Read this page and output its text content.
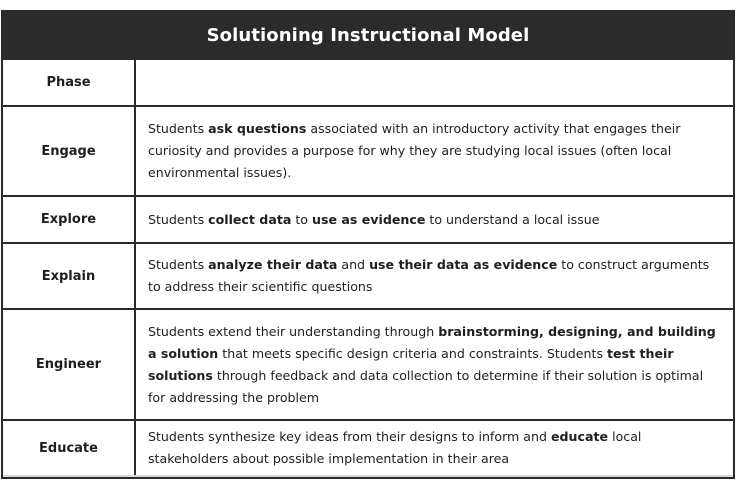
Solutioning Instructional Model
Phase
Engage

Students ask questions associated with an introductory activity that engages their curiosity and provides a purpose for why they are studying local issues (often local environmental issues).

Explore	Students collect data to use as evidence to understand a local issue

Explain

Students analyze their data and use their data as evidence to construct arguments to address their scientific questions

Engineer

Students extend their understanding through brainstorming, designing, and building a solution that meets specific design criteria and constraints. Students test their solutions through feedback and data collection to determine if their solution is optimal for addressing the problem

Educate

Students synthesize key ideas from their designs to inform and educate local stakeholders about possible implementation in their area
